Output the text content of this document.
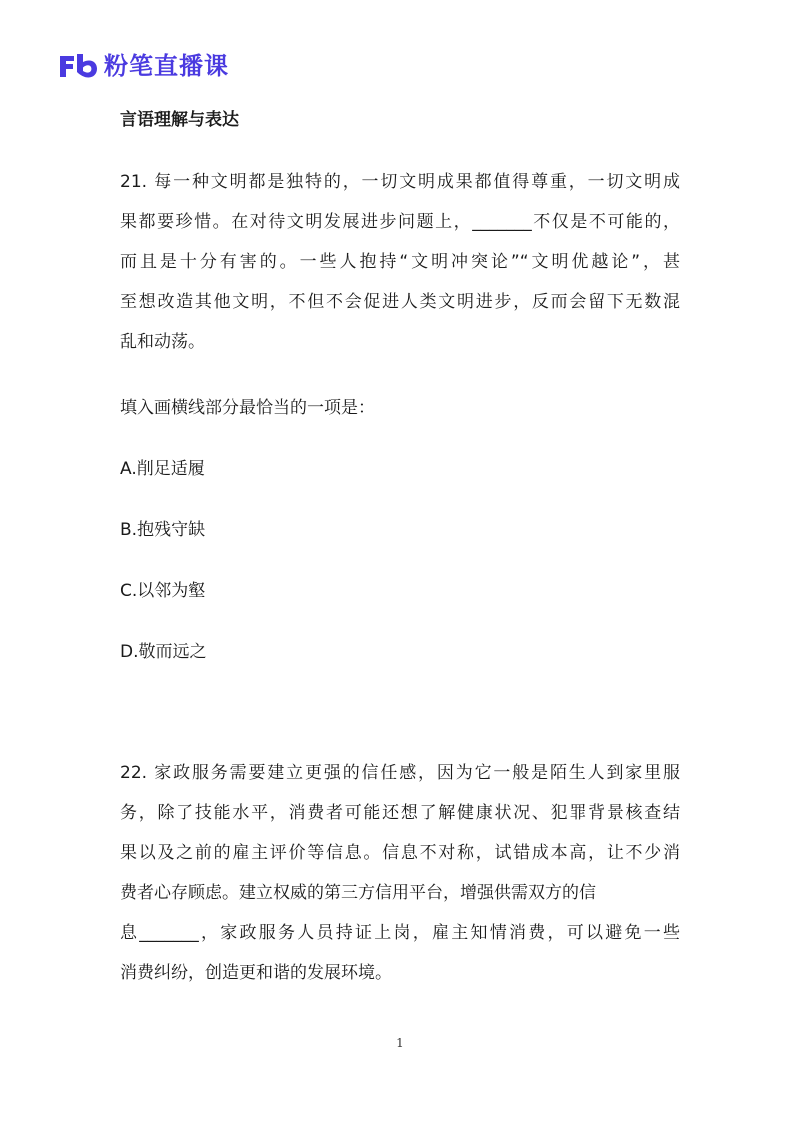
粉笔直播课
言语理解与表达
21. 每一种文明都是独特的，一切文明成果都值得尊重，一切文明成
果都要珍惜。在对待文明发展进步问题上，_______不仅是不可能的，
而且是十分有害的。一些人抱持“文明冲突论”“文明优越论”，甚
至想改造其他文明，不但不会促进人类文明进步，反而会留下无数混
乱和动荡。
填入画横线部分最恰当的一项是：
A.削足适履
B.抱残守缺
C.以邻为壑
D.敬而远之
22. 家政服务需要建立更强的信任感，因为它一般是陌生人到家里服
务，除了技能水平，消费者可能还想了解健康状况、犯罪背景核查结
果以及之前的雇主评价等信息。信息不对称，试错成本高，让不少消
费者心存顾虑。建立权威的第三方信用平台，增强供需双方的信
息_______，家政服务人员持证上岗，雇主知情消费，可以避免一些
消费纠纷，创造更和谐的发展环境。
1
